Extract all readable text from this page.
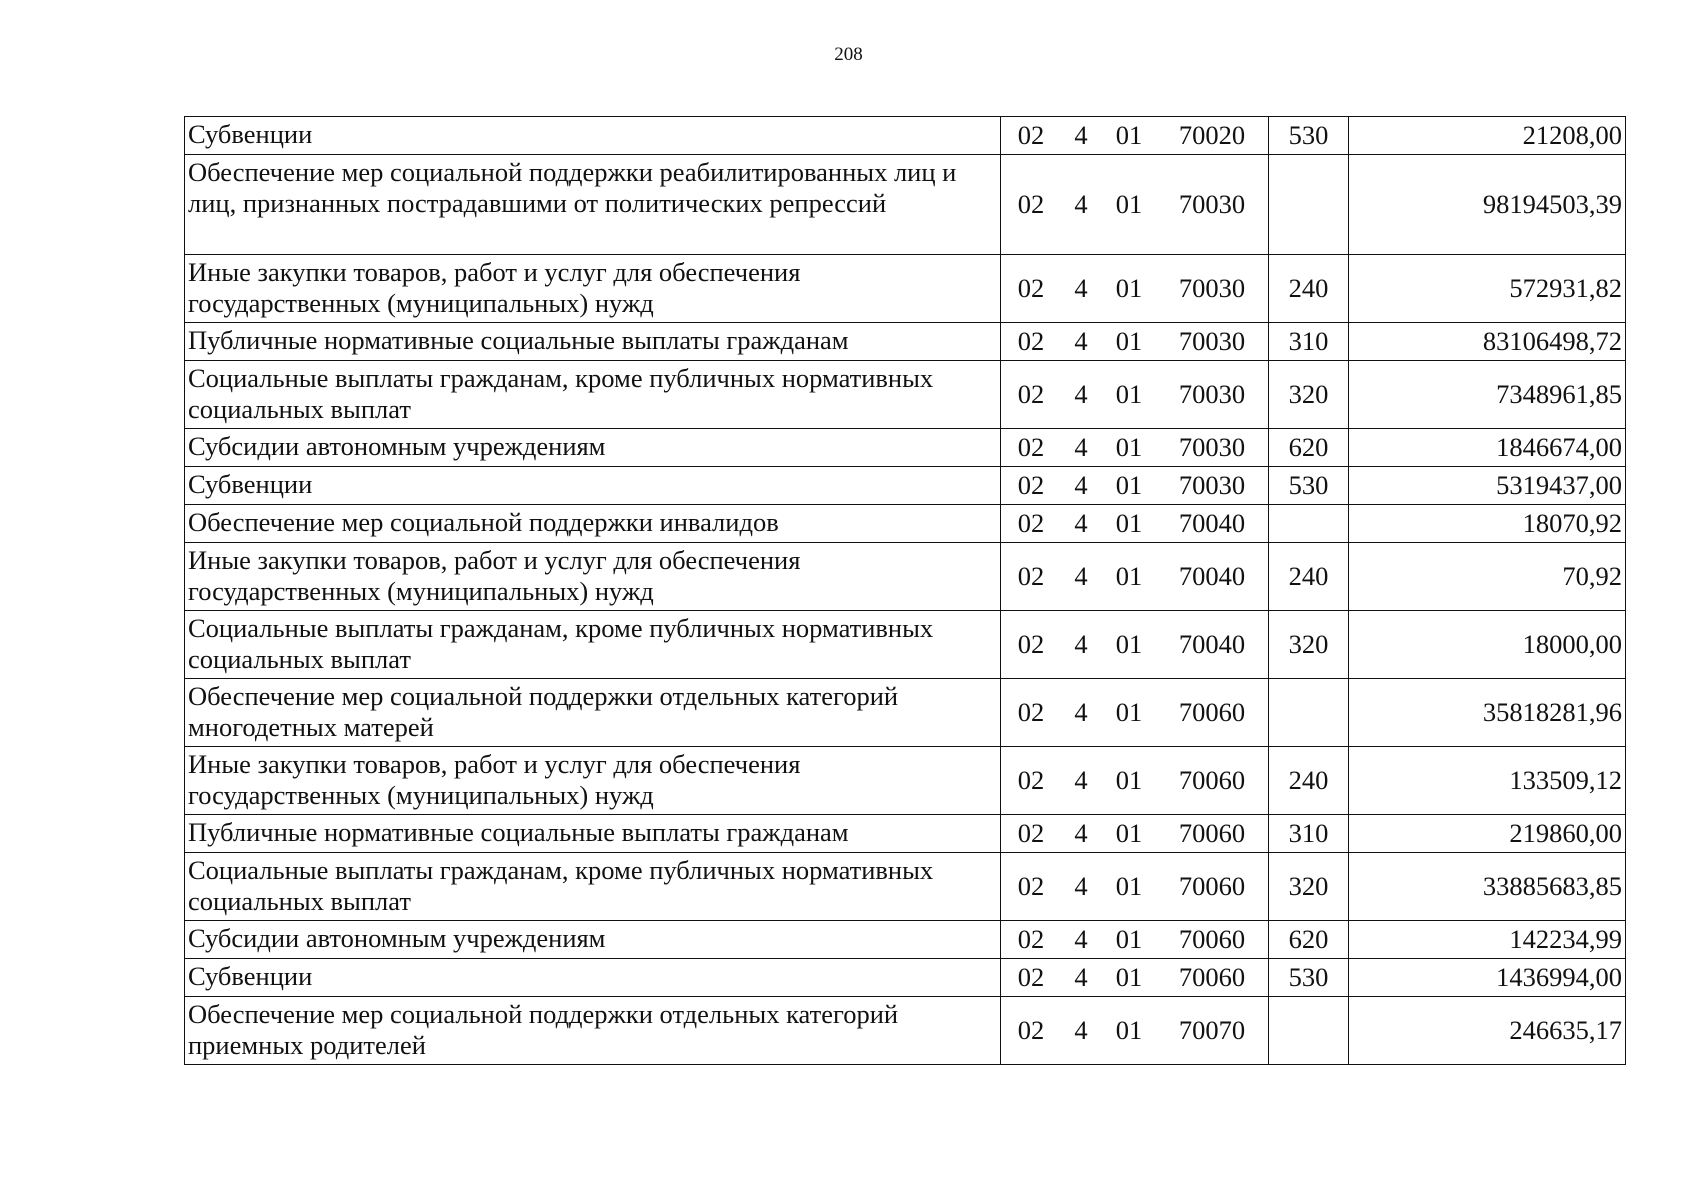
208
Субвенции	02 4 01 70020	530	21208,00
Обеспечение мер социальной поддержки реабилитированных лиц и лиц, признанных пострадавшими от политических репрессий	02 4 01 70030		98194503,39
Иные закупки товаров, работ и услуг для обеспечения государственных (муниципальных) нужд	02 4 01 70030	240	572931,82
Публичные нормативные социальные выплаты гражданам	02 4 01 70030	310	83106498,72
Социальные выплаты гражданам, кроме публичных нормативных социальных выплат	02 4 01 70030	320	7348961,85
Субсидии автономным учреждениям	02 4 01 70030	620	1846674,00
Субвенции	02 4 01 70030	530	5319437,00
Обеспечение мер социальной поддержки инвалидов	02 4 01 70040		18070,92
Иные закупки товаров, работ и услуг для обеспечения государственных (муниципальных) нужд	02 4 01 70040	240	70,92
Социальные выплаты гражданам, кроме публичных нормативных социальных выплат	02 4 01 70040	320	18000,00
Обеспечение мер социальной поддержки отдельных категорий многодетных матерей	02 4 01 70060		35818281,96
Иные закупки товаров, работ и услуг для обеспечения государственных (муниципальных) нужд	02 4 01 70060	240	133509,12
Публичные нормативные социальные выплаты гражданам	02 4 01 70060	310	219860,00
Социальные выплаты гражданам, кроме публичных нормативных социальных выплат	02 4 01 70060	320	33885683,85
Субсидии автономным учреждениям	02 4 01 70060	620	142234,99
Субвенции	02 4 01 70060	530	1436994,00
Обеспечение мер социальной поддержки отдельных категорий приемных родителей	02 4 01 70070		246635,17
